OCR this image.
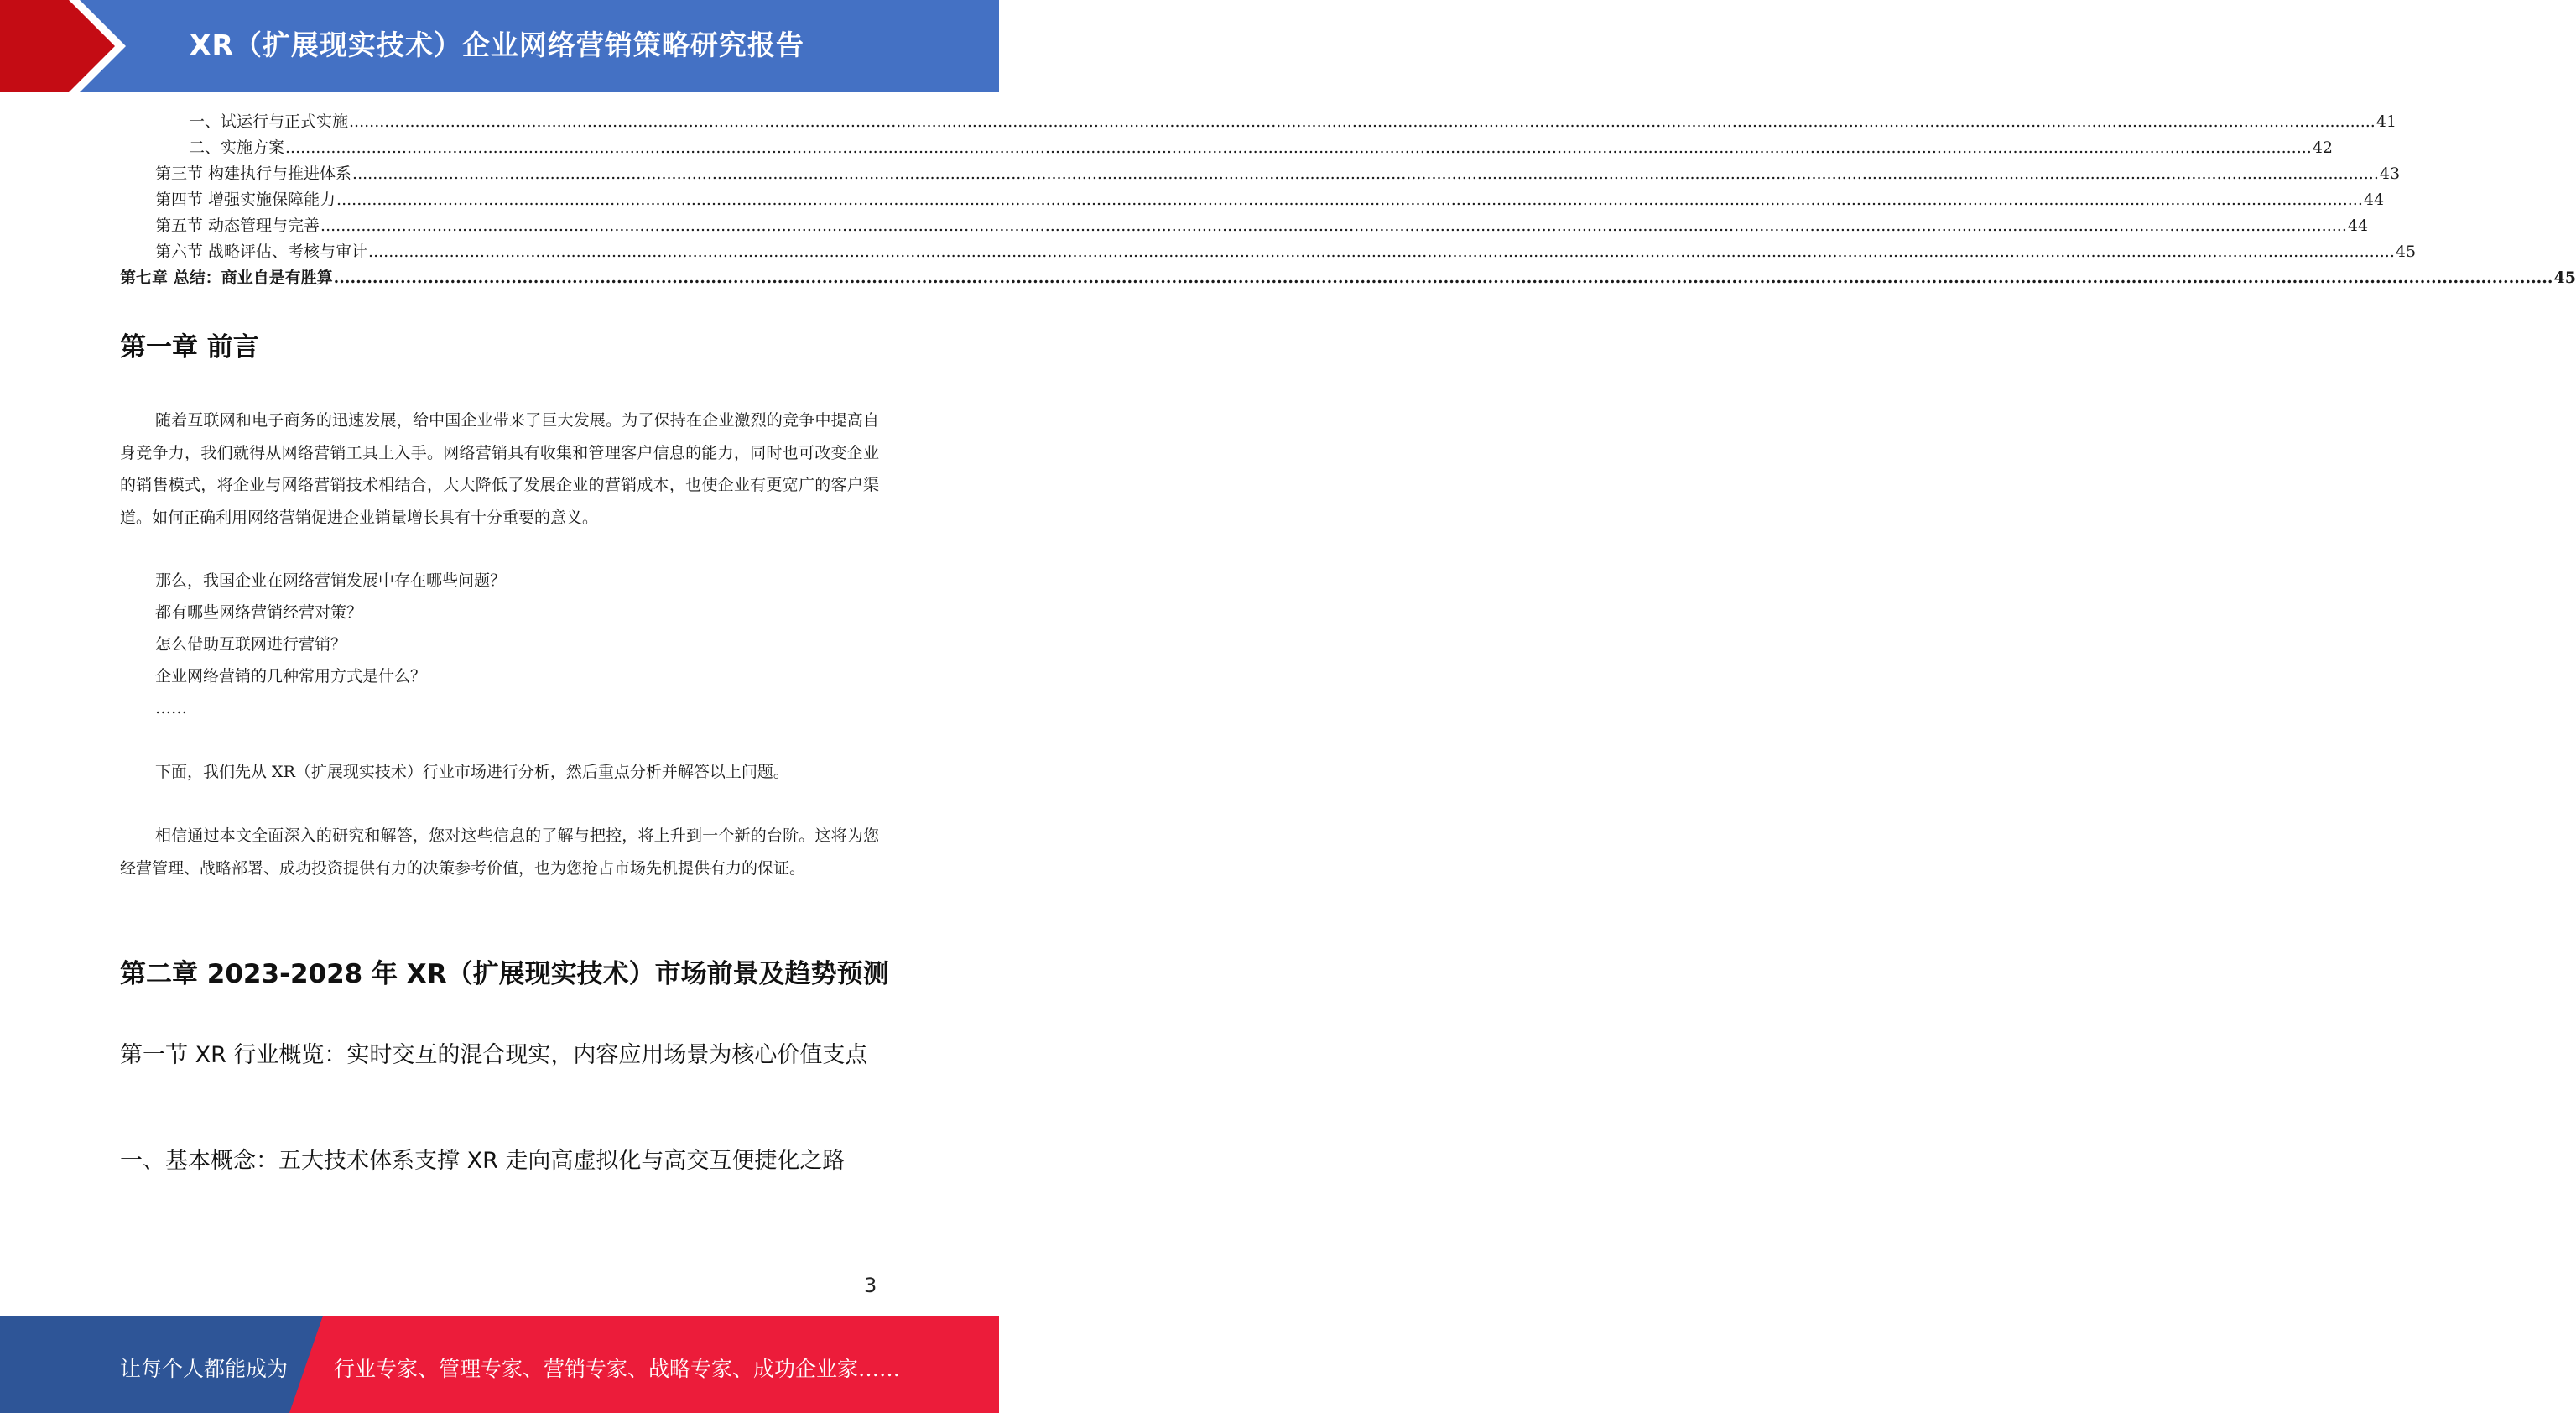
XR（扩展现实技术）企业网络营销策略研究报告
一、试运行与正式实施 ................................................................................................................................................................................................................................................................................................................................................................................................................ 41
二、实施方案 ................................................................................................................................................................................................................................................................................................................................................................................................................ 42
第三节 构建执行与推进体系 ................................................................................................................................................................................................................................................................................................................................................................................................................ 43
第四节 增强实施保障能力 ................................................................................................................................................................................................................................................................................................................................................................................................................ 44
第五节 动态管理与完善 ................................................................................................................................................................................................................................................................................................................................................................................................................ 44
第六节 战略评估、考核与审计 ................................................................................................................................................................................................................................................................................................................................................................................................................ 45
第七章 总结：商业自是有胜算 ................................................................................................................................................................................................................................................................................................................................................................................................................ 45
第一章 前言

随着互联网和电子商务的迅速发展，给中国企业带来了巨大发展。为了保持在企业激烈的竞争中提高自身竞争力，我们就得从网络营销工具上入手。网络营销具有收集和管理客户信息的能力，同时也可改变企业的销售模式，将企业与网络营销技术相结合，大大降低了发展企业的营销成本，也使企业有更宽广的客户渠道。如何正确利用网络营销促进企业销量增长具有十分重要的意义。

那么，我国企业在网络营销发展中存在哪些问题？
都有哪些网络营销经营对策？
怎么借助互联网进行营销？
企业网络营销的几种常用方式是什么？
……

下面，我们先从 XR（扩展现实技术）行业市场进行分析，然后重点分析并解答以上问题。

相信通过本文全面深入的研究和解答，您对这些信息的了解与把控，将上升到一个新的台阶。这将为您经营管理、战略部署、成功投资提供有力的决策参考价值，也为您抢占市场先机提供有力的保证。

第二章 2023-2028 年 XR（扩展现实技术）市场前景及趋势预测
第一节 XR 行业概览：实时交互的混合现实，内容应用场景为核心价值支点
一、基本概念：五大技术体系支撑 XR 走向高虚拟化与高交互便捷化之路
3
让每个人都能成为 行业专家、管理专家、营销专家、战略专家、成功企业家……
